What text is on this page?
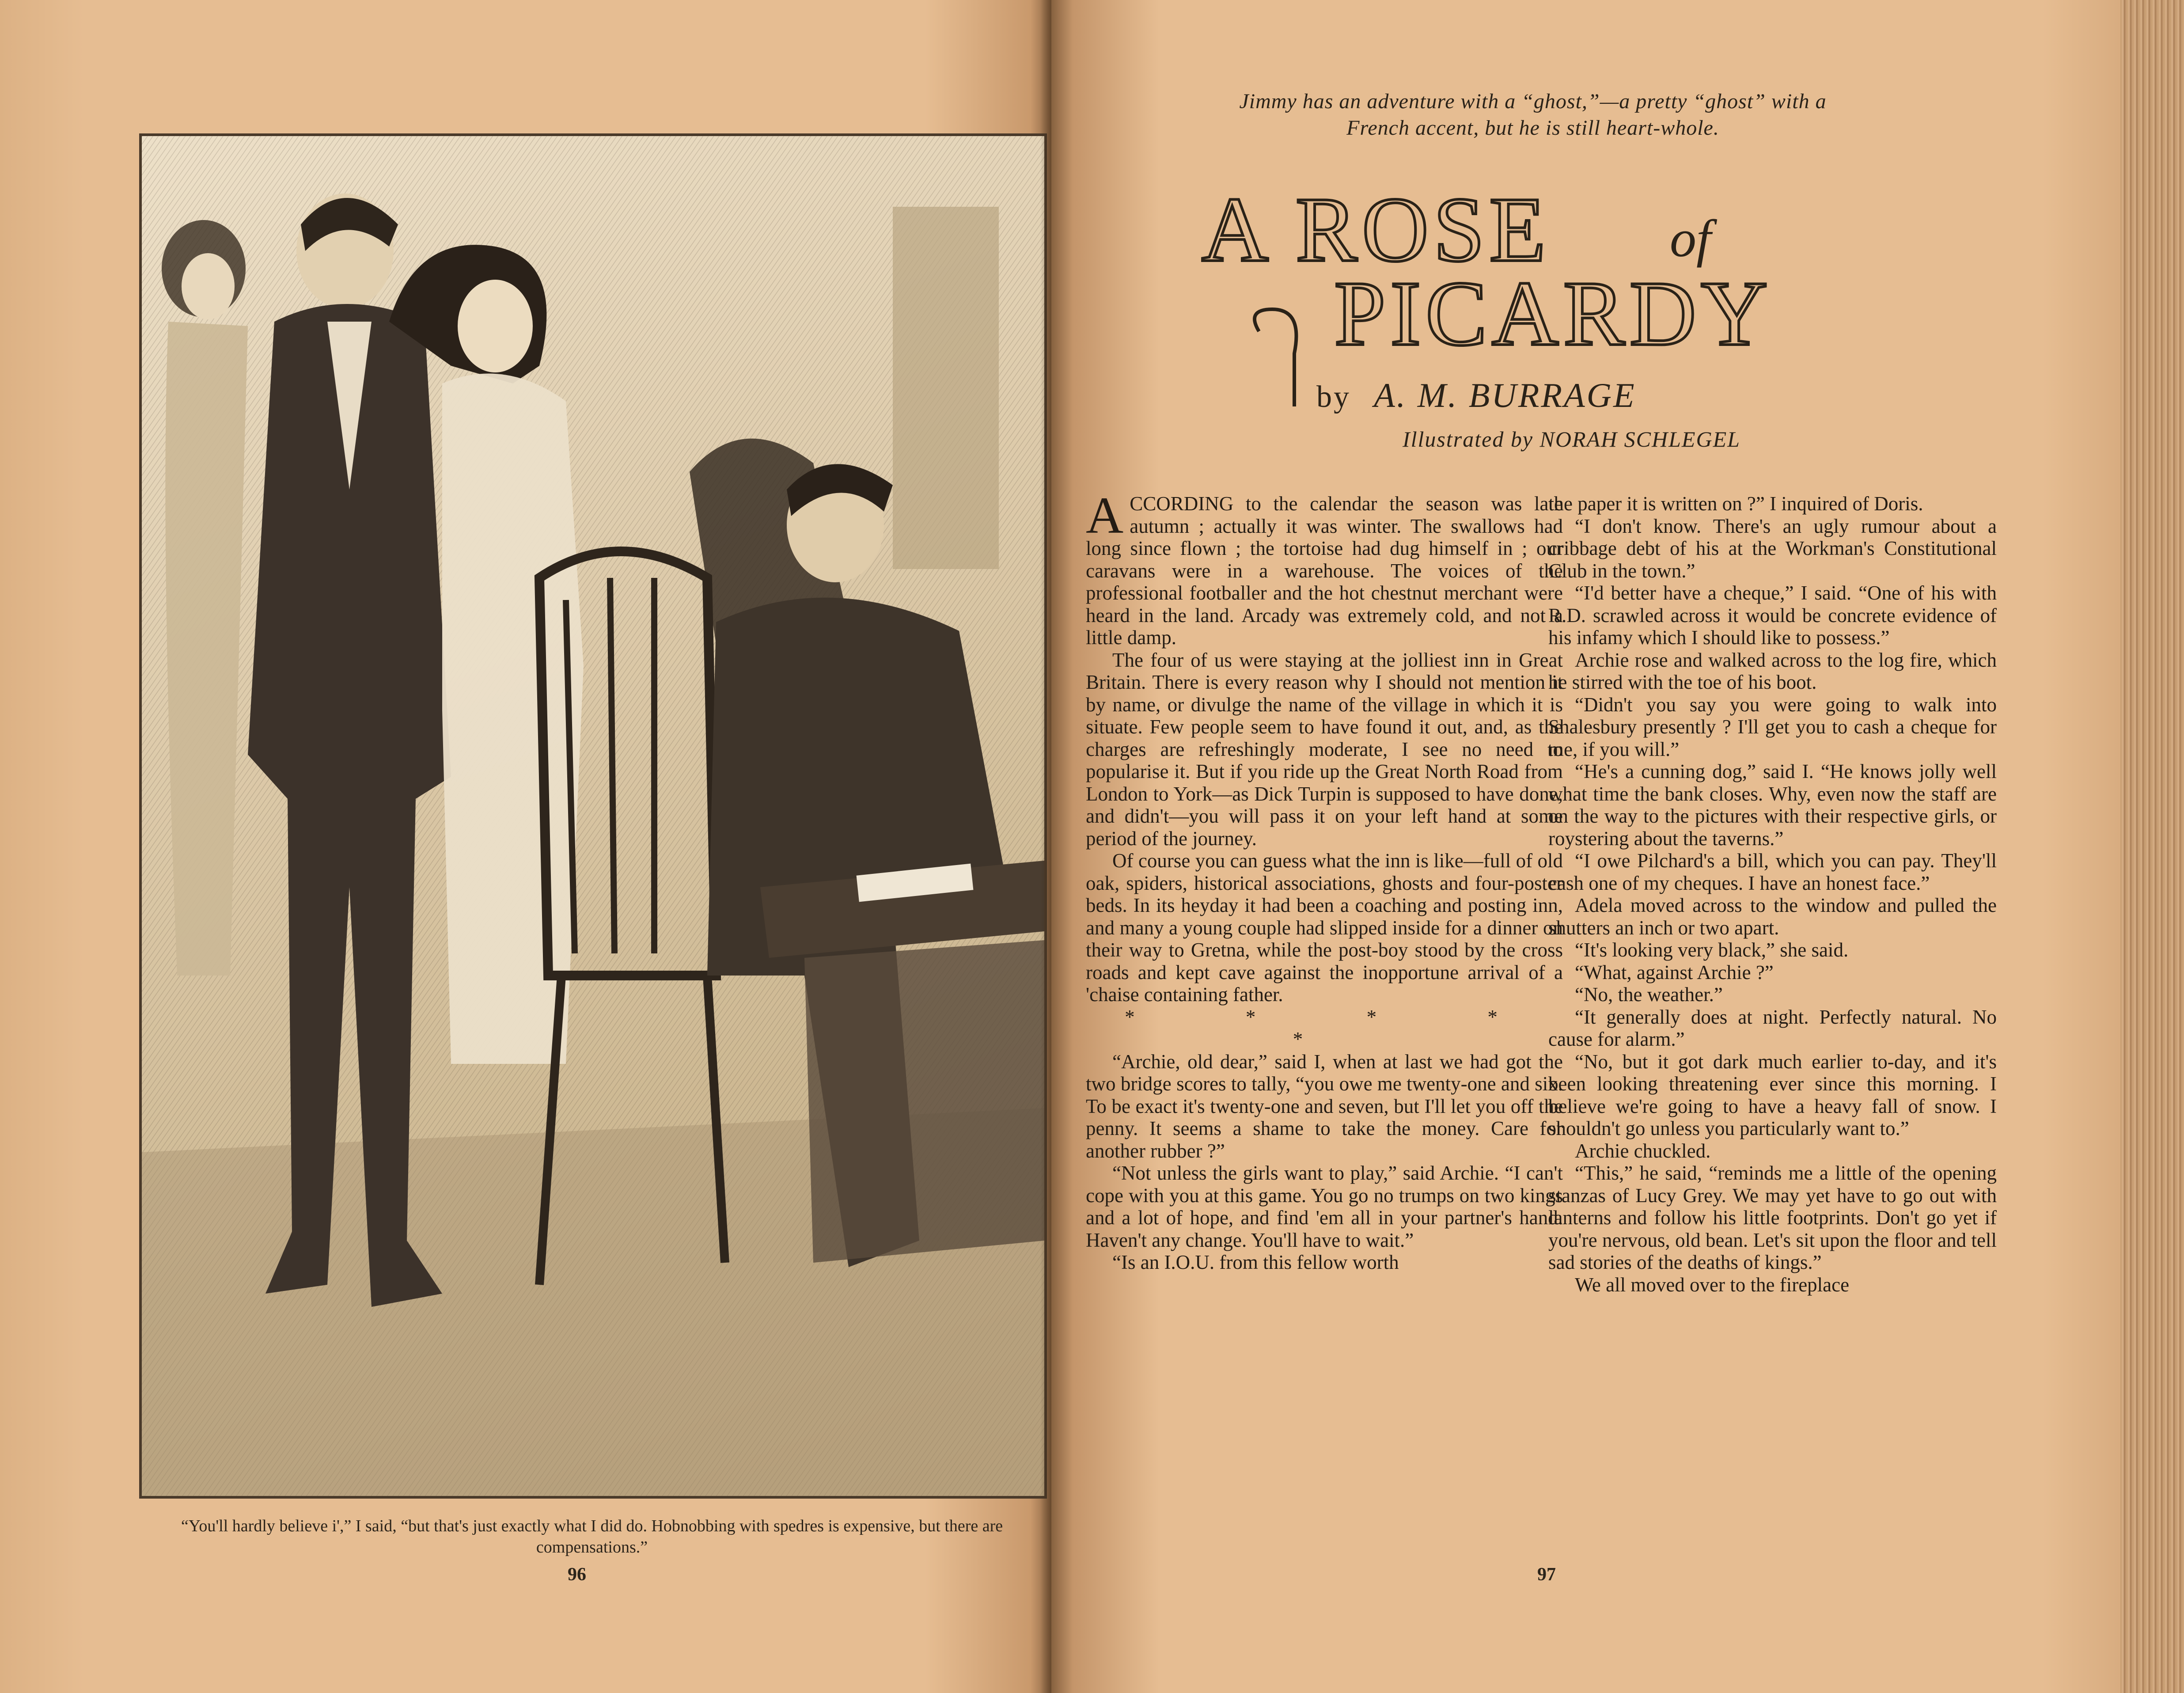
“You'll hardly believe i',” I said, “but that's just exactly what I did do. Hobnobbing with spedres is expensive, but there are compensations.”
96
Jimmy has an adventure with a “ghost,”—a pretty “ghost” with a French accent, but he is still heart-whole.
A ROSE of
PICARDY
by A. M. BURRAGE
Illustrated by NORAH SCHLEGEL

ACCORDING to the calendar the season was late autumn ; actually it was winter. The swallows had long since flown ; the tortoise had dug himself in ; our caravans were in a warehouse. The voices of the professional footballer and the hot chestnut merchant were heard in the land. Arcady was extremely cold, and not a little damp.

The four of us were staying at the jolliest inn in Great Britain. There is every reason why I should not mention it by name, or divulge the name of the village in which it is situate. Few people seem to have found it out, and, as the charges are refreshingly moderate, I see no need to popularise it. But if you ride up the Great North Road from London to York—as Dick Turpin is supposed to have done, and didn't—you will pass it on your left hand at some period of the journey.

Of course you can guess what the inn is like—full of old oak, spiders, historical associations, ghosts and four-poster beds. In its heyday it had been a coaching and posting inn, and many a young couple had slipped inside for a dinner on their way to Gretna, while the post-boy stood by the cross roads and kept cave against the inopportune arrival of a 'chaise containing father.

* * * * *

“Archie, old dear,” said I, when at last we had got the two bridge scores to tally, “you owe me twenty-one and six. To be exact it's twenty-one and seven, but I'll let you off the penny. It seems a shame to take the money. Care for another rubber ?”

“Not unless the girls want to play,” said Archie. “I can't cope with you at this game. You go no trumps on two kings and a lot of hope, and find 'em all in your partner's hand. Haven't any change. You'll have to wait.”

“Is an I.O.U. from this fellow worth

the paper it is written on ?” I inquired of Doris.

“I don't know. There's an ugly rumour about a cribbage debt of his at the Workman's Constitutional Club in the town.”

“I'd better have a cheque,” I said. “One of his with R.D. scrawled across it would be concrete evidence of his infamy which I should like to possess.”

Archie rose and walked across to the log fire, which he stirred with the toe of his boot.

“Didn't you say you were going to walk into Shalesbury presently ? I'll get you to cash a cheque for me, if you will.”

“He's a cunning dog,” said I. “He knows jolly well what time the bank closes. Why, even now the staff are on the way to the pictures with their respective girls, or roystering about the taverns.”

“I owe Pilchard's a bill, which you can pay. They'll cash one of my cheques. I have an honest face.”

Adela moved across to the window and pulled the shutters an inch or two apart.

“It's looking very black,” she said.

“What, against Archie ?”

“No, the weather.”

“It generally does at night. Perfectly natural. No cause for alarm.”

“No, but it got dark much earlier to-day, and it's been looking threatening ever since this morning. I believe we're going to have a heavy fall of snow. I shouldn't go unless you particularly want to.”

Archie chuckled.

“This,” he said, “reminds me a little of the opening stanzas of Lucy Grey. We may yet have to go out with lanterns and follow his little footprints. Don't go yet if you're nervous, old bean. Let's sit upon the floor and tell sad stories of the deaths of kings.”

We all moved over to the fireplace

97
